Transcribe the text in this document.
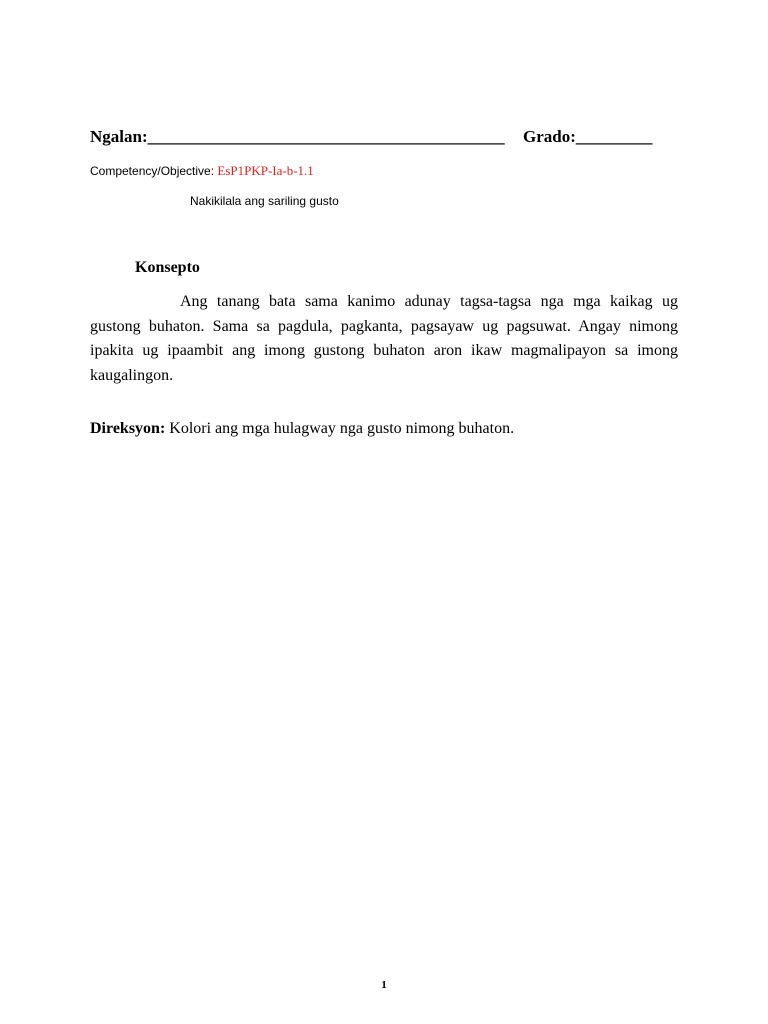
Ngalan:__________________________________________ Grado:_________
Competency/Objective: EsP1PKP-Ia-b-1.1
Nakikilala ang sariling gusto
Konsepto

Ang tanang bata sama kanimo adunay tagsa-tagsa nga mga kaikag ug gustong buhaton. Sama sa pagdula, pagkanta, pagsayaw ug pagsuwat. Angay nimong ipakita ug ipaambit ang imong gustong buhaton aron ikaw magmalipayon sa imong kaugalingon.

Direksyon: Kolori ang mga hulagway nga gusto nimong buhaton.
1
